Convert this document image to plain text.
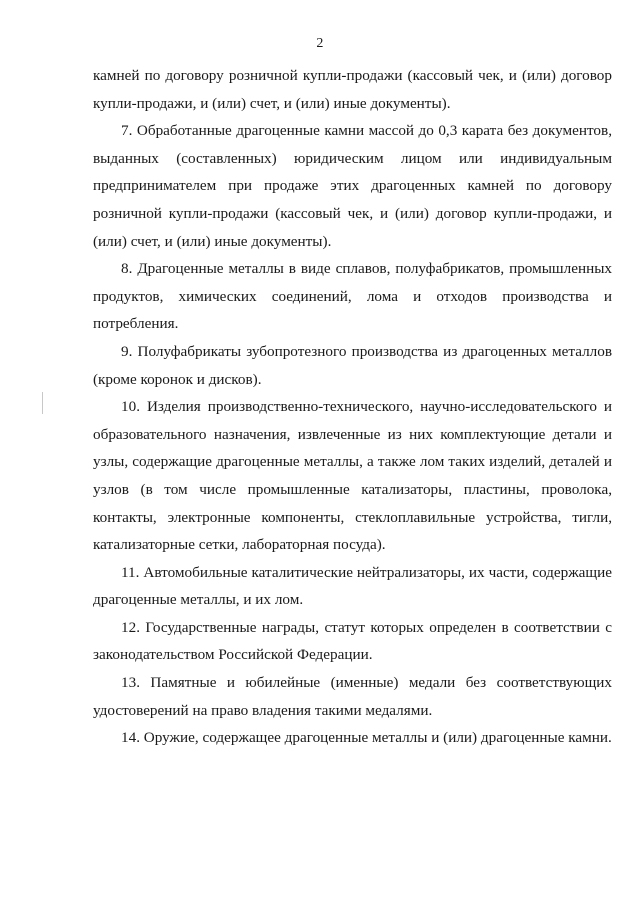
2

камней по договору розничной купли-продажи (кассовый чек, и (или) договор купли-продажи, и (или) счет, и (или) иные документы).

7. Обработанные драгоценные камни массой до 0,3 карата без документов, выданных (составленных) юридическим лицом или индивидуальным предпринимателем при продаже этих драгоценных камней по договору розничной купли-продажи (кассовый чек, и (или) договор купли-продажи, и (или) счет, и (или) иные документы).

8. Драгоценные металлы в виде сплавов, полуфабрикатов, промышленных продуктов, химических соединений, лома и отходов производства и потребления.

9. Полуфабрикаты зубопротезного производства из драгоценных металлов (кроме коронок и дисков).

10. Изделия производственно-технического, научно-исследовательского и образовательного назначения, извлеченные из них комплектующие детали и узлы, содержащие драгоценные металлы, а также лом таких изделий, деталей и узлов (в том числе промышленные катализаторы, пластины, проволока, контакты, электронные компоненты, стеклоплавильные устройства, тигли, катализаторные сетки, лабораторная посуда).

11. Автомобильные каталитические нейтрализаторы, их части, содержащие драгоценные металлы, и их лом.

12. Государственные награды, статут которых определен в соответствии с законодательством Российской Федерации.

13. Памятные и юбилейные (именные) медали без соответствующих удостоверений на право владения такими медалями.

14. Оружие, содержащее драгоценные металлы и (или) драгоценные камни.
